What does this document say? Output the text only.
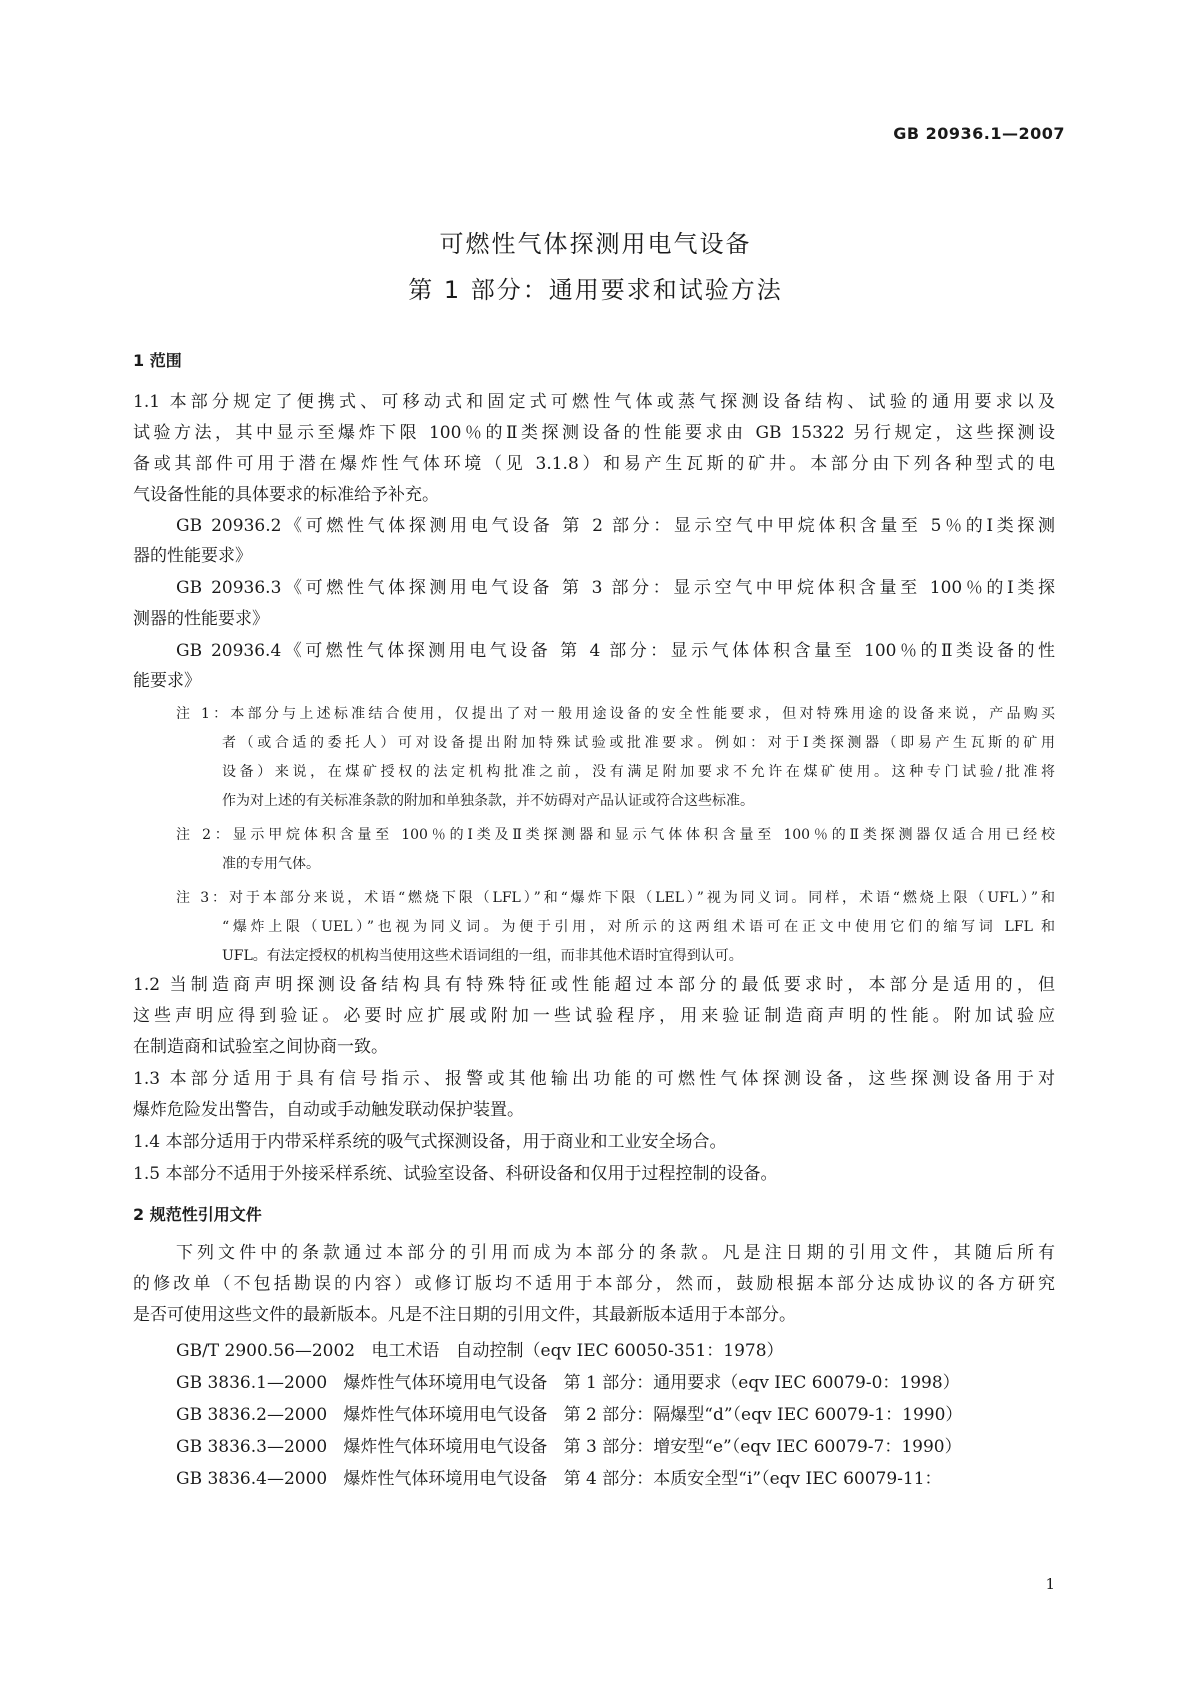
GB 20936.1—2007
可燃性气体探测用电气设备
第 1 部分：通用要求和试验方法
1 范围
1.1 本部分规定了便携式、可移动式和固定式可燃性气体或蒸气探测设备结构、试验的通用要求以及
试验方法，其中显示至爆炸下限 100％的Ⅱ类探测设备的性能要求由 GB 15322 另行规定，这些探测设
备或其部件可用于潜在爆炸性气体环境（见 3.1.8）和易产生瓦斯的矿井。本部分由下列各种型式的电
气设备性能的具体要求的标准给予补充。
GB 20936.2《可燃性气体探测用电气设备 第 2 部分：显示空气中甲烷体积含量至 5％的Ⅰ类探测
器的性能要求》
GB 20936.3《可燃性气体探测用电气设备 第 3 部分：显示空气中甲烷体积含量至 100％的Ⅰ类探
测器的性能要求》
GB 20936.4《可燃性气体探测用电气设备 第 4 部分：显示气体体积含量至 100％的Ⅱ类设备的性
能要求》
注 1：本部分与上述标准结合使用，仅提出了对一般用途设备的安全性能要求，但对特殊用途的设备来说，产品购买
者（或合适的委托人）可对设备提出附加特殊试验或批准要求。例如：对于Ⅰ类探测器（即易产生瓦斯的矿用
设备）来说，在煤矿授权的法定机构批准之前，没有满足附加要求不允许在煤矿使用。这种专门试验/批准将
作为对上述的有关标准条款的附加和单独条款，并不妨碍对产品认证或符合这些标准。
注 2：显示甲烷体积含量至 100％的Ⅰ类及Ⅱ类探测器和显示气体体积含量至 100％的Ⅱ类探测器仅适合用已经校
准的专用气体。
注 3：对于本部分来说，术语“燃烧下限（LFL）”和“爆炸下限（LEL）”视为同义词。同样，术语“燃烧上限（UFL）”和
“爆炸上限（UEL）”也视为同义词。为便于引用，对所示的这两组术语可在正文中使用它们的缩写词 LFL 和
UFL。有法定授权的机构当使用这些术语词组的一组，而非其他术语时宜得到认可。
1.2 当制造商声明探测设备结构具有特殊特征或性能超过本部分的最低要求时，本部分是适用的，但
这些声明应得到验证。必要时应扩展或附加一些试验程序，用来验证制造商声明的性能。附加试验应
在制造商和试验室之间协商一致。
1.3 本部分适用于具有信号指示、报警或其他输出功能的可燃性气体探测设备，这些探测设备用于对
爆炸危险发出警告，自动或手动触发联动保护装置。
1.4 本部分适用于内带采样系统的吸气式探测设备，用于商业和工业安全场合。
1.5 本部分不适用于外接采样系统、试验室设备、科研设备和仅用于过程控制的设备。
2 规范性引用文件
下列文件中的条款通过本部分的引用而成为本部分的条款。凡是注日期的引用文件，其随后所有
的修改单（不包括勘误的内容）或修订版均不适用于本部分，然而，鼓励根据本部分达成协议的各方研究
是否可使用这些文件的最新版本。凡是不注日期的引用文件，其最新版本适用于本部分。
GB/T 2900.56—2002   电工术语   自动控制（eqv IEC 60050-351：1978）
GB 3836.1—2000   爆炸性气体环境用电气设备   第 1 部分：通用要求（eqv IEC 60079-0：1998）
GB 3836.2—2000   爆炸性气体环境用电气设备   第 2 部分：隔爆型“d”（eqv IEC 60079-1：1990）
GB 3836.3—2000   爆炸性气体环境用电气设备   第 3 部分：增安型“e”（eqv IEC 60079-7：1990）
GB 3836.4—2000   爆炸性气体环境用电气设备   第 4 部分：本质安全型“i”（eqv IEC 60079-11：
1
